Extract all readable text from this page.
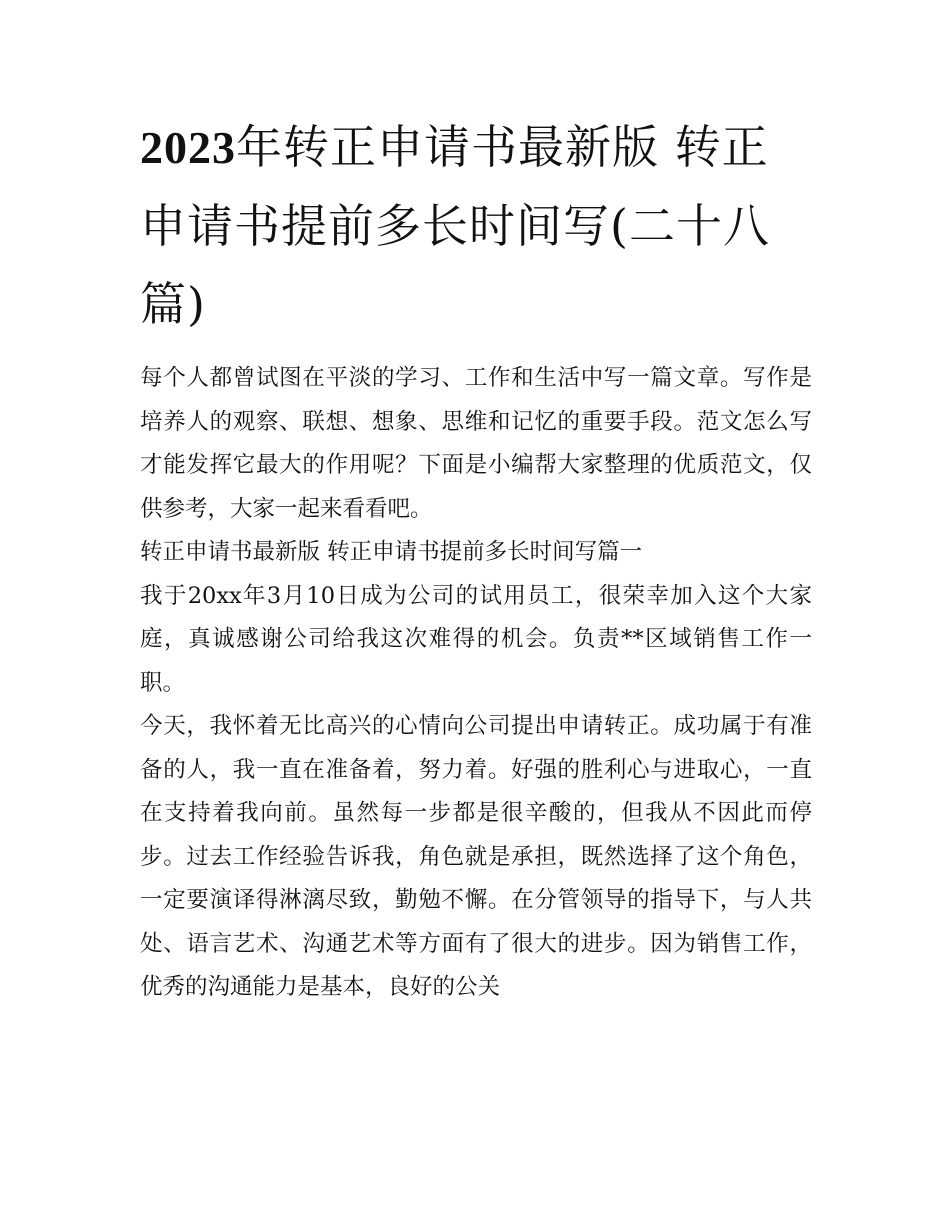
2023年转正申请书最新版 转正申请书提前多长时间写(二十八篇)

每个人都曾试图在平淡的学习、工作和生活中写一篇文章。写作是培养人的观察、联想、想象、思维和记忆的重要手段。范文怎么写才能发挥它最大的作用呢？下面是小编帮大家整理的优质范文，仅供参考，大家一起来看看吧。

转正申请书最新版 转正申请书提前多长时间写篇一

我于20xx年3月10日成为公司的试用员工，很荣幸加入这个大家庭，真诚感谢公司给我这次难得的机会。负责**区域销售工作一职。

今天，我怀着无比高兴的心情向公司提出申请转正。成功属于有准备的人，我一直在准备着，努力着。好强的胜利心与进取心，一直在支持着我向前。虽然每一步都是很辛酸的，但我从不因此而停步。过去工作经验告诉我，角色就是承担，既然选择了这个角色，一定要演译得淋漓尽致，勤勉不懈。在分管领导的指导下，与人共处、语言艺术、沟通艺术等方面有了很大的进步。因为销售工作，优秀的沟通能力是基本，良好的公关
